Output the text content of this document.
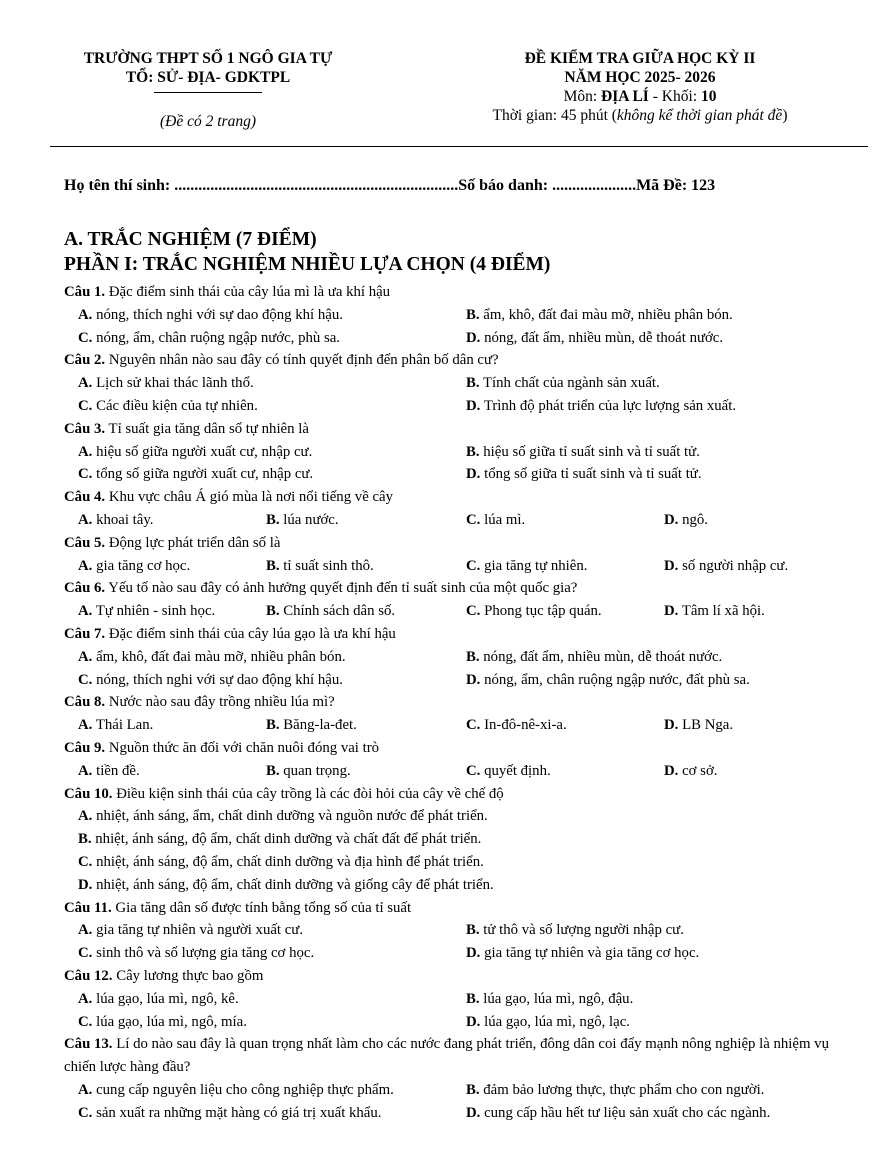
TRƯỜNG THPT SỐ 1 NGÔ GIA TỰ
TỔ: SỬ- ĐỊA- GDKTPL
(Đề có 2 trang)
ĐỀ KIỂM TRA GIỮA HỌC KỲ II
NĂM HỌC 2025- 2026
Môn: ĐỊA LÍ - Khối: 10
Thời gian: 45 phút (không kể thời gian phát đề)
Họ tên thí sinh: .......................................................................Số báo danh: .....................Mã Đề: 123
A. TRẮC NGHIỆM (7 ĐIỂM)
PHẦN I: TRẮC NGHIỆM NHIỀU LỰA CHỌN (4 ĐIỂM)
Câu 1. Đặc điểm sinh thái của cây lúa mì là ưa khí hậu
A. nóng, thích nghi với sự dao động khí hậu.	B. ẩm, khô, đất đai màu mỡ, nhiều phân bón.
C. nóng, ẩm, chân ruộng ngập nước, phù sa.	D. nóng, đất ẩm, nhiều mùn, dễ thoát nước.
Câu 2. Nguyên nhân nào sau đây có tính quyết định đến phân bố dân cư?
A. Lịch sử khai thác lãnh thổ.	B. Tính chất của ngành sản xuất.
C. Các điều kiện của tự nhiên.	D. Trình độ phát triển của lực lượng sản xuất.
Câu 3. Tỉ suất gia tăng dân số tự nhiên là
A. hiệu số giữa người xuất cư, nhập cư.	B. hiệu số giữa tỉ suất sinh và tỉ suất tử.
C. tổng số giữa người xuất cư, nhập cư.	D. tổng số giữa tỉ suất sinh và tỉ suất tử.
Câu 4. Khu vực châu Á gió mùa là nơi nổi tiếng về cây
A. khoai tây.	B. lúa nước.	C. lúa mì.	D. ngô.
Câu 5. Động lực phát triển dân số là
A. gia tăng cơ học.	B. tỉ suất sinh thô.	C. gia tăng tự nhiên.	D. số người nhập cư.
Câu 6. Yếu tố nào sau đây có ảnh hưởng quyết định đến tỉ suất sinh của một quốc gia?
A. Tự nhiên - sinh học.	B. Chính sách dân số.	C. Phong tục tập quán.	D. Tâm lí xã hội.
Câu 7. Đặc điểm sinh thái của cây lúa gạo là ưa khí hậu
A. ẩm, khô, đất đai màu mỡ, nhiều phân bón.	B. nóng, đất ẩm, nhiều mùn, dễ thoát nước.
C. nóng, thích nghi với sự dao động khí hậu.	D. nóng, ẩm, chân ruộng ngập nước, đất phù sa.
Câu 8. Nước nào sau đây trồng nhiều lúa mì?
A. Thái Lan.	B. Băng-la-đet.	C. In-đô-nê-xi-a.	D. LB Nga.
Câu 9. Nguồn thức ăn đối với chăn nuôi đóng vai trò
A. tiền đề.	B. quan trọng.	C. quyết định.	D. cơ sở.
Câu 10. Điều kiện sinh thái của cây trồng là các đòi hỏi của cây về chế độ
A. nhiệt, ánh sáng, ẩm, chất dinh dưỡng và nguồn nước để phát triển.
B. nhiệt, ánh sáng, độ ẩm, chất dinh dưỡng và chất đất để phát triển.
C. nhiệt, ánh sáng, độ ẩm, chất dinh dưỡng và địa hình để phát triển.
D. nhiệt, ánh sáng, độ ẩm, chất dinh dưỡng và giống cây để phát triển.
Câu 11. Gia tăng dân số được tính bằng tổng số của tỉ suất
A. gia tăng tự nhiên và người xuất cư.	B. tử thô và số lượng người nhập cư.
C. sinh thô và số lượng gia tăng cơ học.	D. gia tăng tự nhiên và gia tăng cơ học.
Câu 12. Cây lương thực bao gồm
A. lúa gạo, lúa mì, ngô, kê.	B. lúa gạo, lúa mì, ngô, đậu.
C. lúa gạo, lúa mì, ngô, mía.	D. lúa gạo, lúa mì, ngô, lạc.
Câu 13. Lí do nào sau đây là quan trọng nhất làm cho các nước đang phát triển, đông dân coi đẩy mạnh nông nghiệp là nhiệm vụ chiến lược hàng đầu?
A. cung cấp nguyên liệu cho công nghiệp thực phẩm.	B. đảm bảo lương thực, thực phẩm cho con người.
C. sản xuất ra những mặt hàng có giá trị xuất khẩu.	D. cung cấp hầu hết tư liệu sản xuất cho các ngành.
